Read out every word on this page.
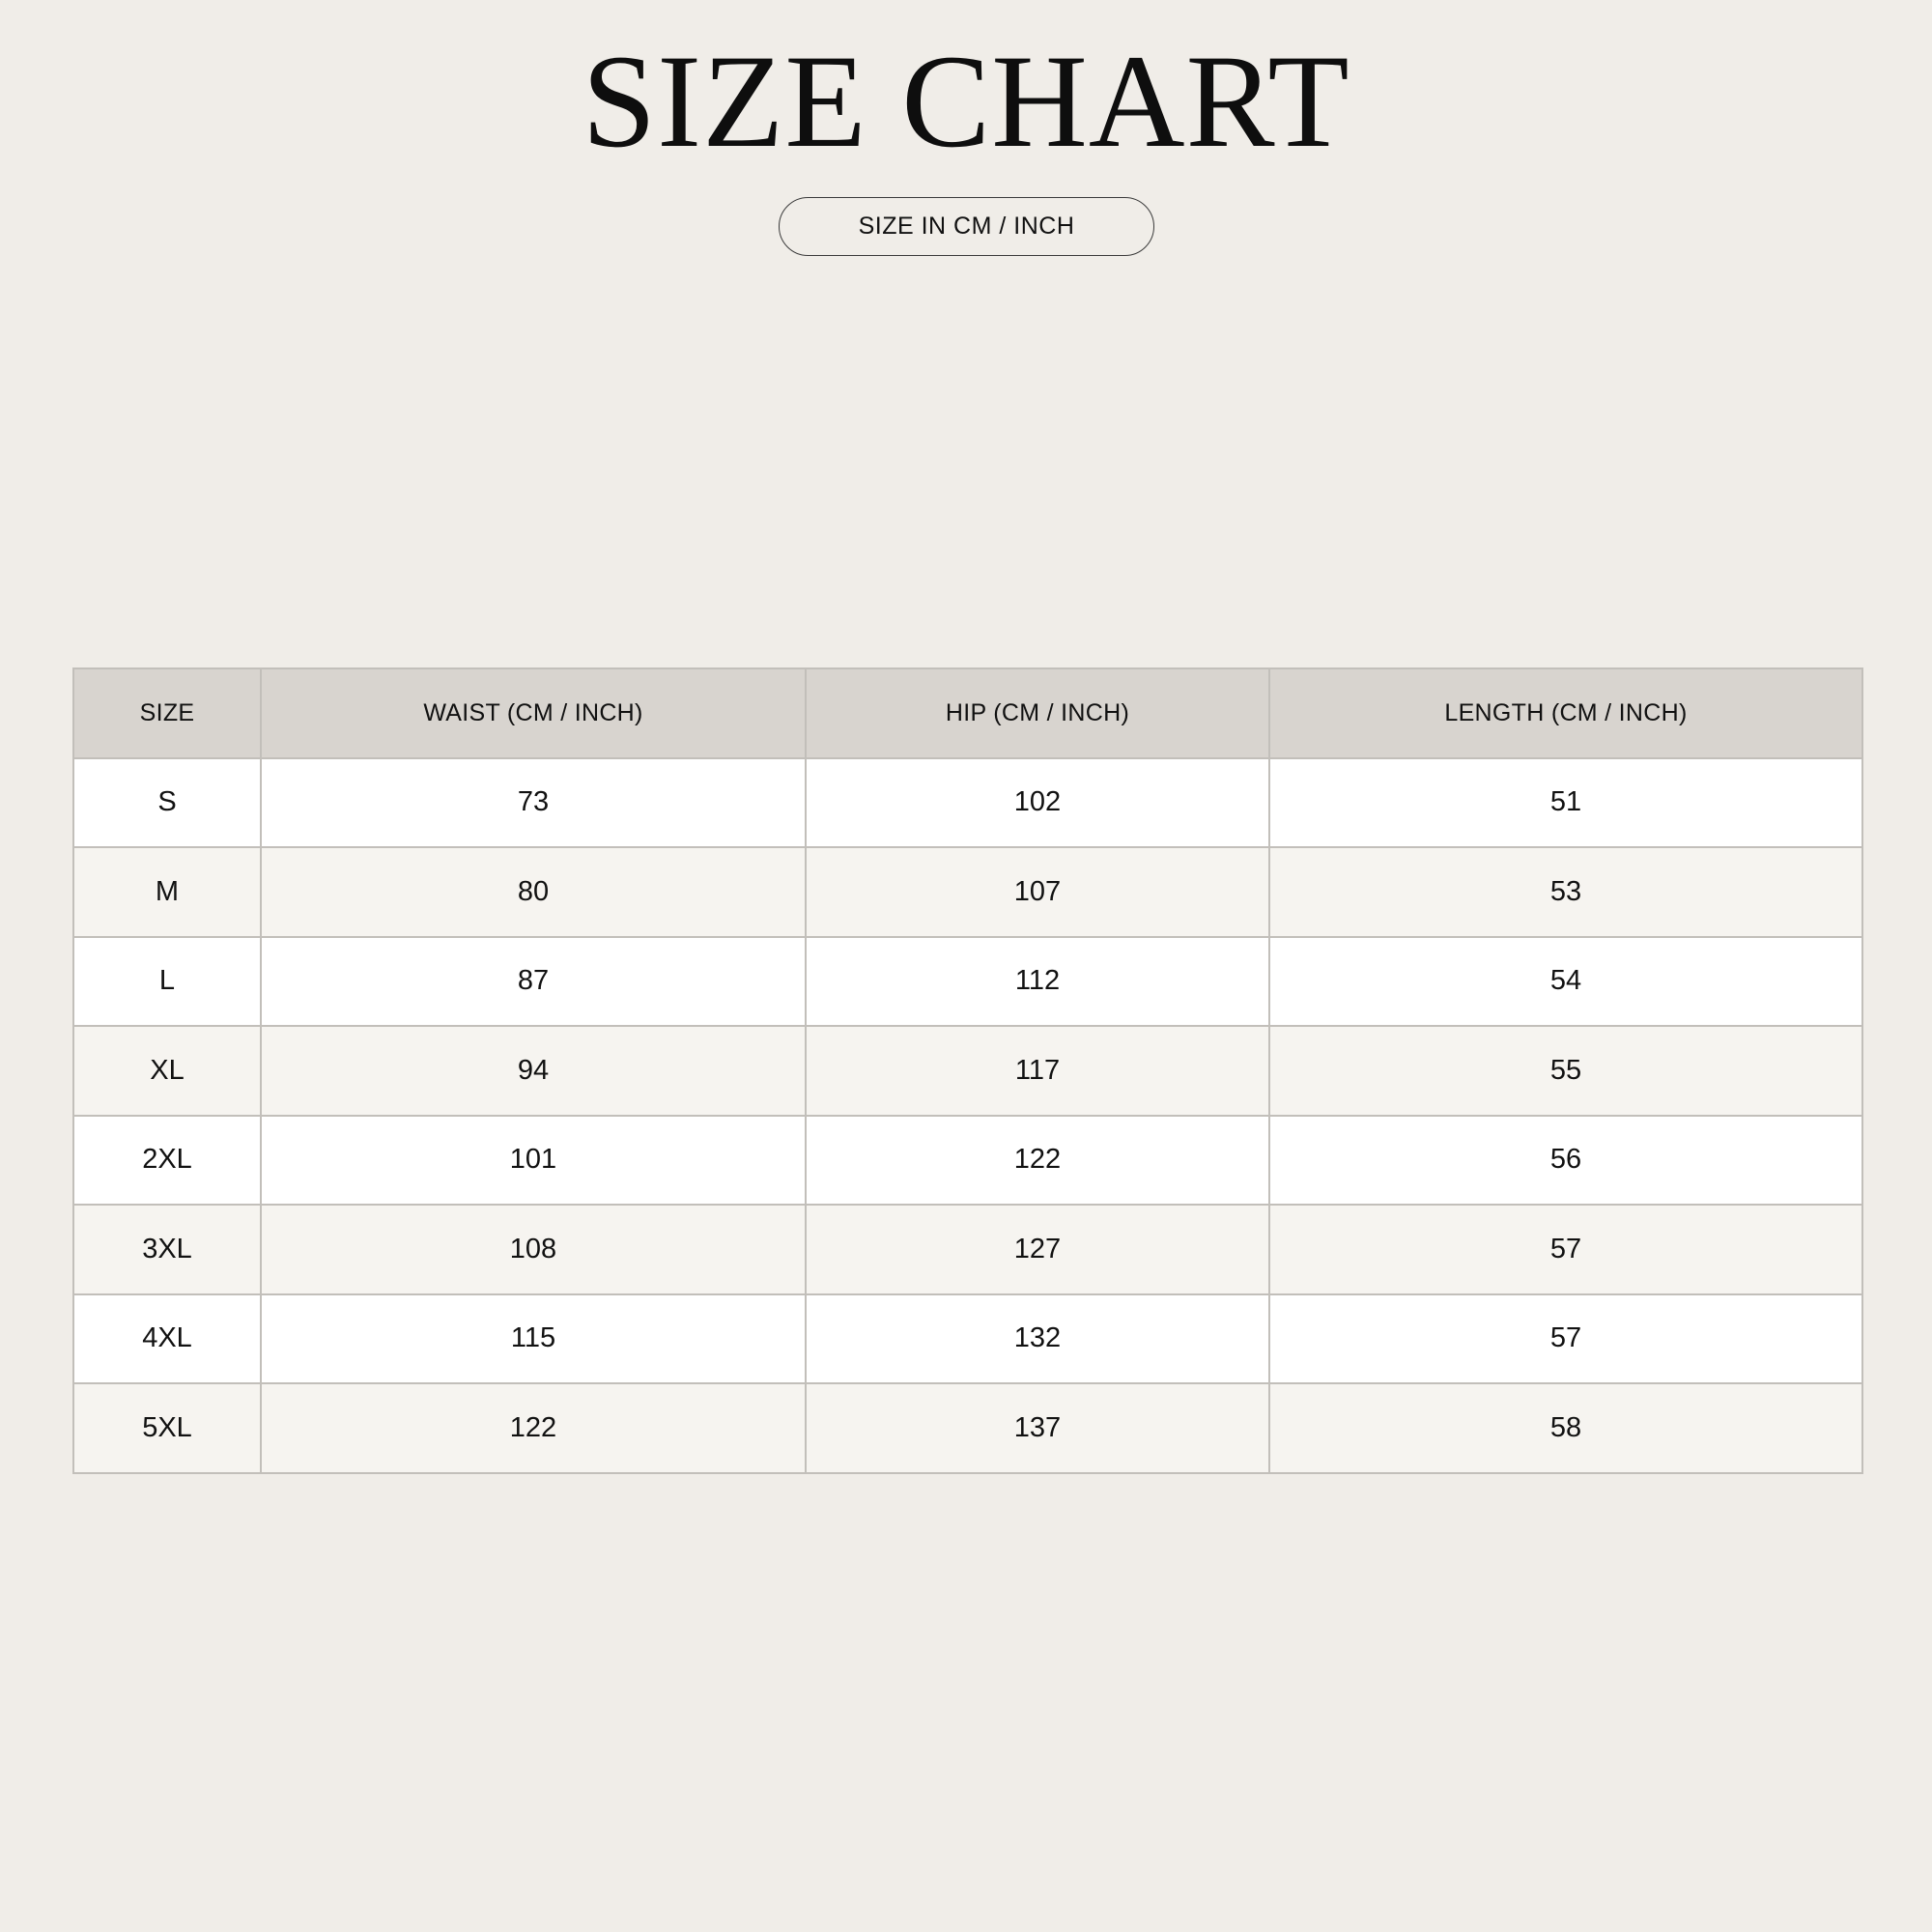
SIZE CHART
SIZE IN CM / INCH
SIZE	WAIST (CM / INCH)	HIP (CM / INCH)	LENGTH (CM / INCH)
S	73	102	51
M	80	107	53
L	87	112	54
XL	94	117	55
2XL	101	122	56
3XL	108	127	57
4XL	115	132	57
5XL	122	137	58
